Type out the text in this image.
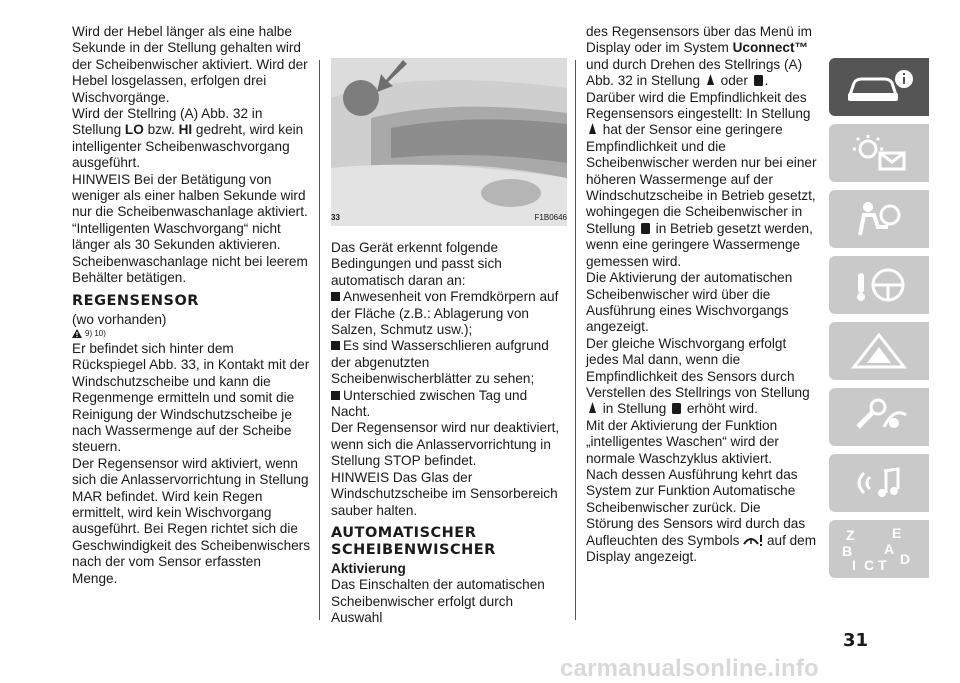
Wird der Hebel länger als eine halbe Sekunde in der Stellung gehalten wird der Scheibenwischer aktiviert. Wird der Hebel losgelassen, erfolgen drei Wischvorgänge.

Wird der Stellring (A) Abb. 32 in Stellung LO bzw. HI gedreht, wird kein intelligenter Scheibenwaschvorgang ausgeführt.

HINWEIS Bei der Betätigung von weniger als einer halben Sekunde wird nur die Scheibenwaschanlage aktiviert. “Intelligenten Waschvorgang“ nicht länger als 30 Sekunden aktivieren. Scheibenwaschanlage nicht bei leerem Behälter betätigen.

REGENSENSOR

(wo vorhanden)

9) 10)

Er befindet sich hinter dem Rückspiegel Abb. 33, in Kontakt mit der Windschutzscheibe und kann die Regenmenge ermitteln und somit die Reinigung der Windschutzscheibe je nach Wassermenge auf der Scheibe steuern.

Der Regensensor wird aktiviert, wenn sich die Anlasservorrichtung in Stellung MAR befindet. Wird kein Regen ermittelt, wird kein Wischvorgang ausgeführt. Bei Regen richtet sich die Geschwindigkeit des Scheibenwischers nach der vom Sensor erfassten Menge.

33	F1B0646

Das Gerät erkennt folgende Bedingungen und passt sich automatisch daran an:

Anwesenheit von Fremdkörpern auf der Fläche (z.B.: Ablagerung von Salzen, Schmutz usw.);

Es sind Wasserschlieren aufgrund der abgenutzten Scheibenwischerblätter zu sehen;

Unterschied zwischen Tag und Nacht.

Der Regensensor wird nur deaktiviert, wenn sich die Anlasservorrichtung in Stellung STOP befindet.

HINWEIS Das Glas der Windschutzscheibe im Sensorbereich sauber halten.

AUTOMATISCHER SCHEIBENWISCHER
Aktivierung

Das Einschalten der automatischen Scheibenwischer erfolgt durch Auswahl

des Regensensors über das Menü im Display oder im System Uconnect™ und durch Drehen des Stellrings (A) Abb. 32 in Stellung  oder .

Darüber wird die Empfindlichkeit des Regensensors eingestellt: In Stellung  hat der Sensor eine geringere Empfindlichkeit und die Scheibenwischer werden nur bei einer höheren Wassermenge auf der Windschutzscheibe in Betrieb gesetzt, wohingegen die Scheibenwischer in Stellung  in Betrieb gesetzt werden, wenn eine geringere Wassermenge gemessen wird.

Die Aktivierung der automatischen Scheibenwischer wird über die Ausführung eines Wischvorgangs angezeigt.

Der gleiche Wischvorgang erfolgt jedes Mal dann, wenn die Empfindlichkeit des Sensors durch Verstellen des Stellrings von Stellung  in Stellung  erhöht wird.

Mit der Aktivierung der Funktion „intelligentes Waschen“ wird der normale Waschzyklus aktiviert.

Nach dessen Ausführung kehrt das System zur Funktion Automatische Scheibenwischer zurück. Die

Störung des Sensors wird durch das Aufleuchten des Symbols  auf dem Display angezeigt.

Z	E
B A
I C T D
31
carmanualsonline.info
